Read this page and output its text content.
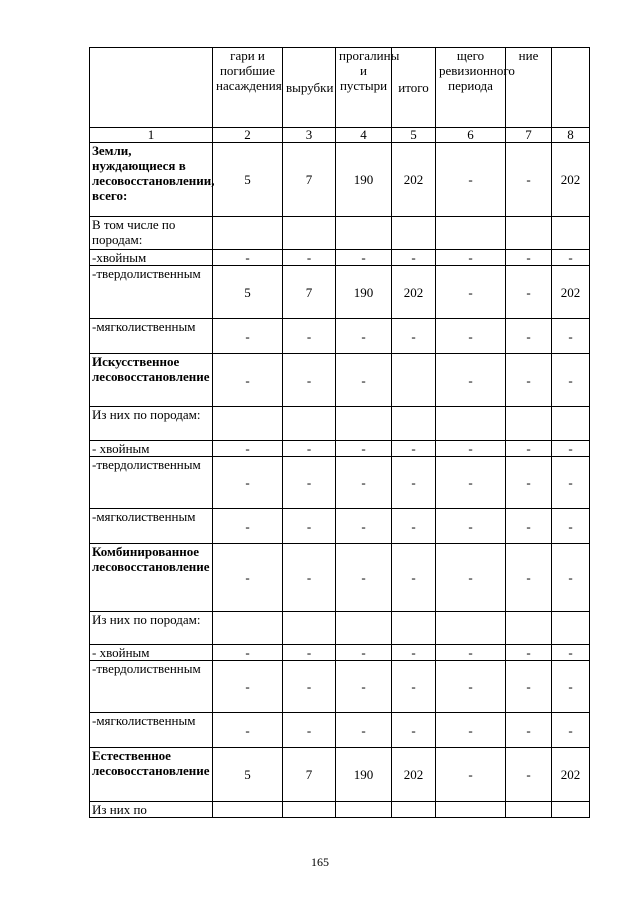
	гари и погибшие насаждения	вырубки	прогалины и пустыри	итого	щего ревизионного периода	ние	
1	2	3	4	5	6	7	8
Земли, нуждающиеся в лесовосстановлении, всего:	5	7	190	202	-	-	202
В том числе по породам:							
-хвойным	-	-	-	-	-	-	-
-твердолиственным	5	7	190	202	-	-	202
-мягколиственным	-	-	-	-	-	-	-
Искусственное лесовосстановление	-	-	-		-	-	-
Из них по породам:							
- хвойным	-	-	-	-	-	-	-
-твердолиственным	-	-	-	-	-	-	-
-мягколиственным	-	-	-	-	-	-	-
Комбинированное лесовосстановление	-	-	-	-	-	-	-
Из них по породам:							
- хвойным	-	-	-	-	-	-	-
-твердолиственным	-	-	-	-	-	-	-
-мягколиственным	-	-	-	-	-	-	-
Естественное лесовосстановление	5	7	190	202	-	-	202
Из них по							
165
